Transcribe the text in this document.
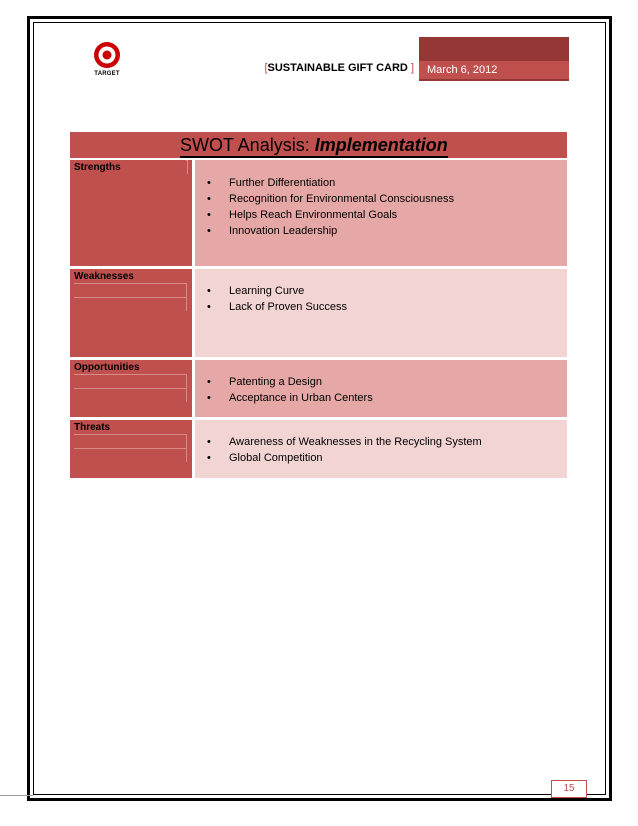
TARGET	[SUSTAINABLE GIFT CARD ]	March 6, 2012
SWOT Analysis: Implementation
Strengths
• Further Differentiation
• Recognition for Environmental Consciousness
• Helps Reach Environmental Goals
• Innovation Leadership
Weaknesses
• Learning Curve
• Lack of Proven Success
Opportunities
• Patenting a Design
• Acceptance in Urban Centers
Threats
• Awareness of Weaknesses in the Recycling System
• Global Competition
15
